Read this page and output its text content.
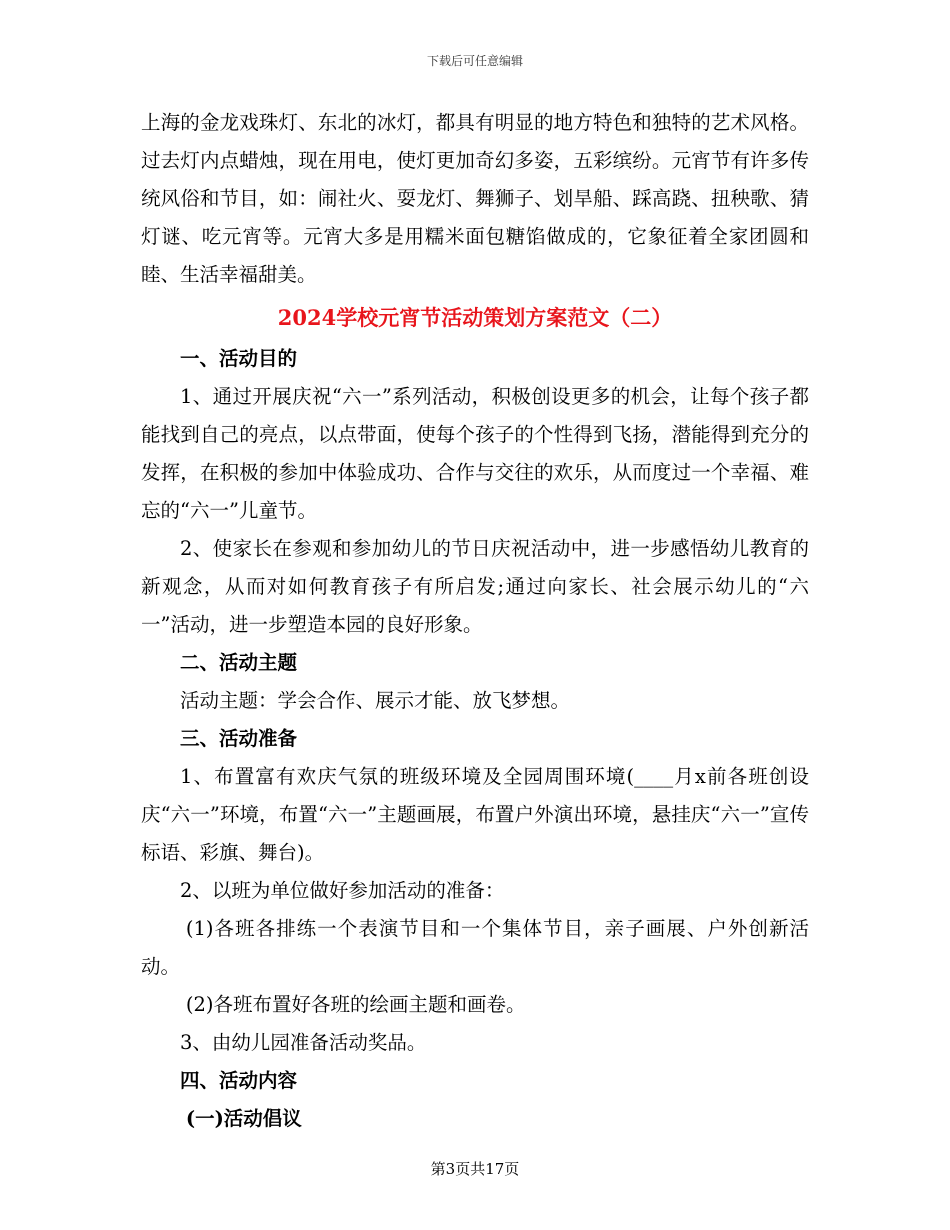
下载后可任意编辑

上海的金龙戏珠灯、东北的冰灯，都具有明显的地方特色和独特的艺术风格。过去灯内点蜡烛，现在用电，使灯更加奇幻多姿，五彩缤纷。元宵节有许多传统风俗和节目，如：闹社火、耍龙灯、舞狮子、划旱船、踩高跷、扭秧歌、猜灯谜、吃元宵等。元宵大多是用糯米面包糖馅做成的，它象征着全家团圆和睦、生活幸福甜美。

2024学校元宵节活动策划方案范文（二）

一、活动目的

1、通过开展庆祝“六一”系列活动，积极创设更多的机会，让每个孩子都能找到自己的亮点，以点带面，使每个孩子的个性得到飞扬，潜能得到充分的发挥，在积极的参加中体验成功、合作与交往的欢乐，从而度过一个幸福、难忘的“六一”儿童节。

2、使家长在参观和参加幼儿的节日庆祝活动中，进一步感悟幼儿教育的新观念，从而对如何教育孩子有所启发;通过向家长、社会展示幼儿的“六一”活动，进一步塑造本园的良好形象。

二、活动主题

活动主题：学会合作、展示才能、放飞梦想。

三、活动准备

1、布置富有欢庆气氛的班级环境及全园周围环境(____月x前各班创设庆“六一”环境，布置“六一”主题画展，布置户外演出环境，悬挂庆“六一”宣传标语、彩旗、舞台)。

2、以班为单位做好参加活动的准备：

(1)各班各排练一个表演节目和一个集体节目，亲子画展、户外创新活动。

(2)各班布置好各班的绘画主题和画卷。

3、由幼儿园准备活动奖品。

四、活动内容

(一)活动倡议

第3页共17页
